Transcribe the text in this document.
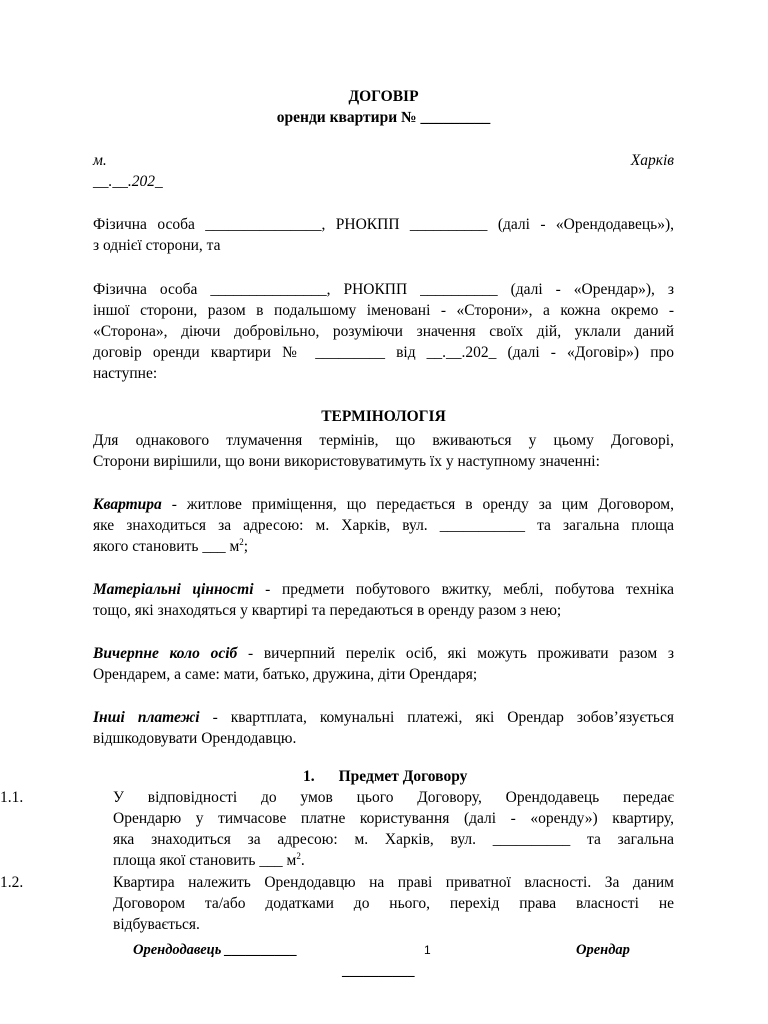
ДОГОВІР
оренди квартири № _________
м.	Харків
__.__.202_
Фізична особа _______________, РНОКПП __________ (далі - «Орендодавець»),
з однієї сторони, та
Фізична особа _______________, РНОКПП __________ (далі - «Орендар»), з
іншої сторони, разом в подальшому іменовані - «Сторони», а кожна окремо -
«Сторона», діючи добровільно, розуміючи значення своїх дій, уклали даний
договір оренди квартири № _________ від __.__.202_ (далі - «Договір») про
наступне:
ТЕРМІНОЛОГІЯ
Для однакового тлумачення термінів, що вживаються у цьому Договорі,
Сторони вирішили, що вони використовуватимуть їх у наступному значенні:
Квартира - житлове приміщення, що передається в оренду за цим Договором,
яке знаходиться за адресою: м. Харків, вул. ___________ та загальна площа
якого становить ___ $м^2$;
Матеріальні цінності - предмети побутового вжитку, меблі, побутова техніка
тощо, які знаходяться у квартирі та передаються в оренду разом з нею;
Вичерпне коло осіб - вичерпний перелік осіб, які можуть проживати разом з
Орендарем, а саме: мати, батько, дружина, діти Орендаря;
Інші платежі - квартплата, комунальні платежі, які Орендар зобов’язується
відшкодовувати Орендодавцю.
1. Предмет Договору
1.1.	У відповідності до умов цього Договору, Орендодавець передає
Орендарю у тимчасове платне користування (далі - «оренду») квартиру,
яка знаходиться за адресою: м. Харків, вул. __________ та загальна
площа якої становить ___ $м^2$.
1.2.	Квартира належить Орендодавцю на праві приватної власності. За даним
Договором та/або додатками до нього, перехід права власності не
відбувається.
Орендодавець __________	1	Орендар
__________
